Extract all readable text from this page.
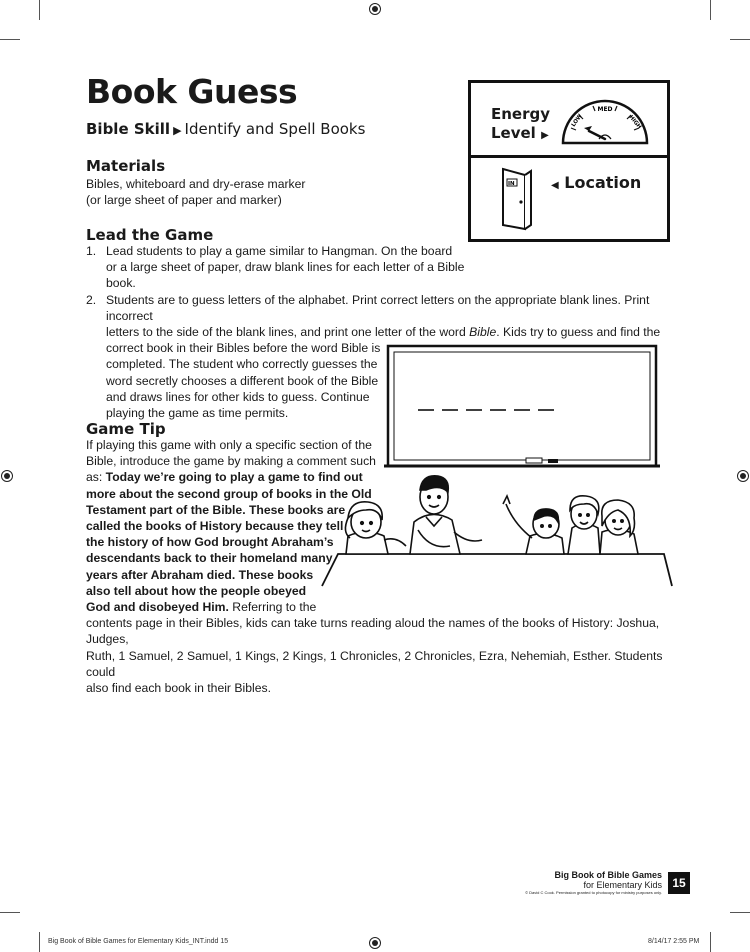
Book Guess
Bible Skill ▶ Identify and Spell Books
Energy
Level ▶
MED
LOW	HIGH
IN	◀ Location
Materials
Bibles, whiteboard and dry-erase marker
(or large sheet of paper and marker)
Lead the Game
1. Lead students to play a game similar to Hangman. On the board
or a large sheet of paper, draw blank lines for each letter of a Bible
book.
2. Students are to guess letters of the alphabet. Print correct letters on the appropriate blank lines. Print incorrect
letters to the side of the blank lines, and print one letter of the word Bible. Kids try to guess and find the
correct book in their Bibles before the word Bible is
completed. The student who correctly guesses the
word secretly chooses a different book of the Bible
and draws lines for other kids to guess. Continue
playing the game as time permits.
Game Tip
If playing this game with only a specific section of the
Bible, introduce the game by making a comment such
as: Today we’re going to play a game to find out
more about the second group of books in the Old
Testament part of the Bible. These books are
called the books of History because they tell
the history of how God brought Abraham’s
descendants back to their homeland many
years after Abraham died. These books
also tell about how the people obeyed
God and disobeyed Him. Referring to the
contents page in their Bibles, kids can take turns reading aloud the names of the books of History: Joshua, Judges,
Ruth, 1 Samuel, 2 Samuel, 1 Kings, 2 Kings, 1 Chronicles, 2 Chronicles, Ezra, Nehemiah, Esther. Students could
also find each book in their Bibles.
Big Book of Bible Games
for Elementary Kids
© David C Cook. Permission granted to photocopy for ministry purposes only.
15
Big Book of Bible Games for Elementary Kids_INT.indd 15	8/14/17 2:55 PM
